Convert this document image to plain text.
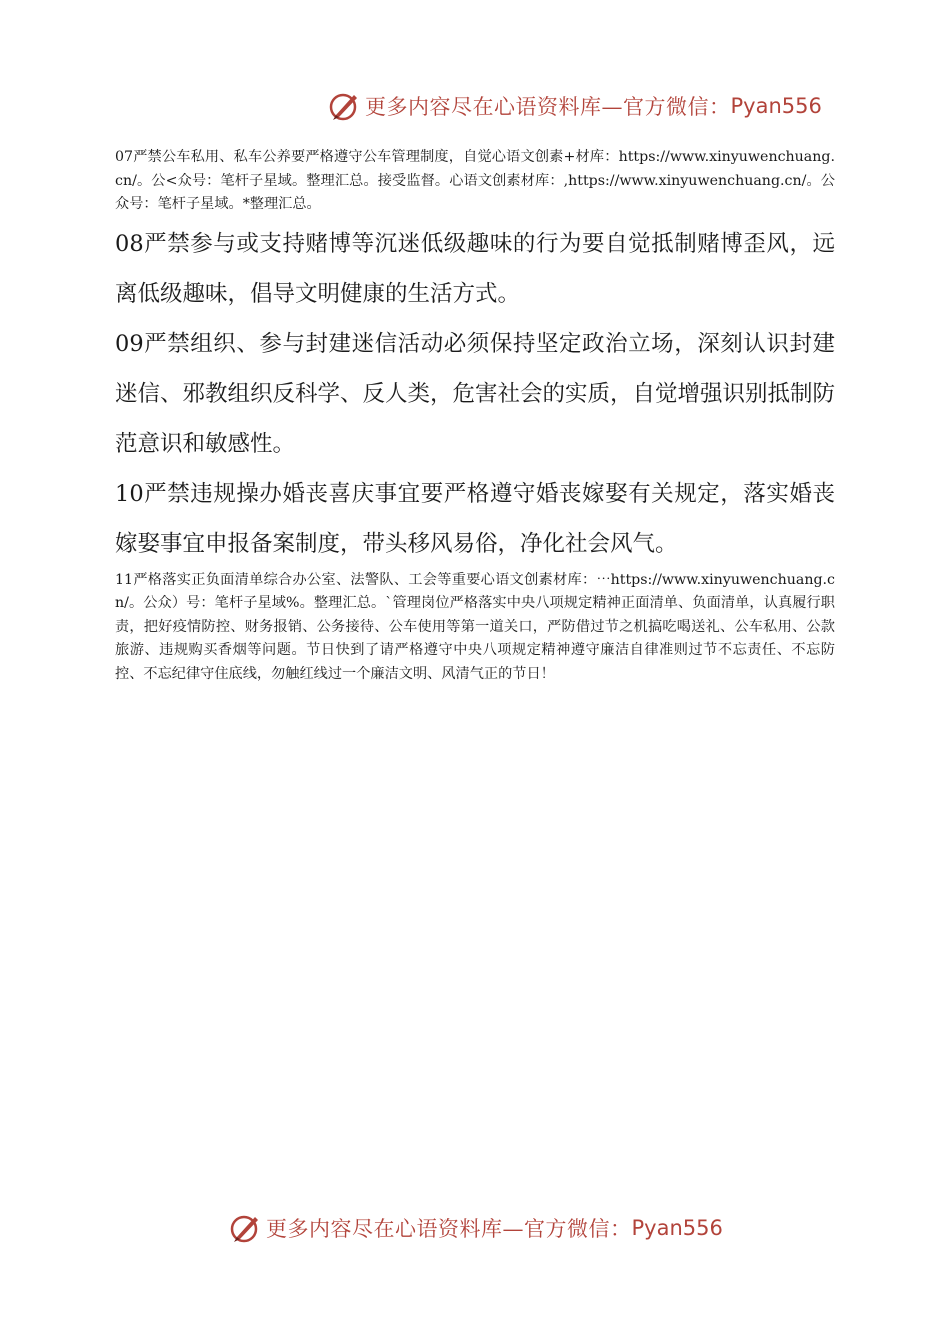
更多内容尽在心语资料库—官方微信： Pyan556

07严禁公车私用、私车公养要严格遵守公车管理制度，自觉心语文创素+材库：https://www.xinyuwenchuang.cn/。公<众号：笔杆子星域。整理汇总。接受监督。心语文创素材库：,https://www.xinyuwenchuang.cn/。公众号：笔杆子星域。*整理汇总。

08严禁参与或支持赌博等沉迷低级趣味的行为要自觉抵制赌博歪风，远离低级趣味，倡导文明健康的生活方式。

09严禁组织、参与封建迷信活动必须保持坚定政治立场，深刻认识封建迷信、邪教组织反科学、反人类，危害社会的实质，自觉增强识别抵制防范意识和敏感性。

10严禁违规操办婚丧喜庆事宜要严格遵守婚丧嫁娶有关规定，落实婚丧嫁娶事宜申报备案制度，带头移风易俗，净化社会风气。

11严格落实正负面清单综合办公室、法警队、工会等重要心语文创素材库：⋯https://www.xinyuwenchuang.cn/。公众）号：笔杆子星域%。整理汇总。`管理岗位严格落实中央八项规定精神正面清单、负面清单，认真履行职责，把好疫情防控、财务报销、公务接待、公车使用等第一道关口，严防借过节之机搞吃喝送礼、公车私用、公款旅游、违规购买香烟等问题。节日快到了请严格遵守中央八项规定精神遵守廉洁自律准则过节不忘责任、不忘防控、不忘纪律守住底线，勿触红线过一个廉洁文明、风清气正的节日！

更多内容尽在心语资料库—官方微信： Pyan556
